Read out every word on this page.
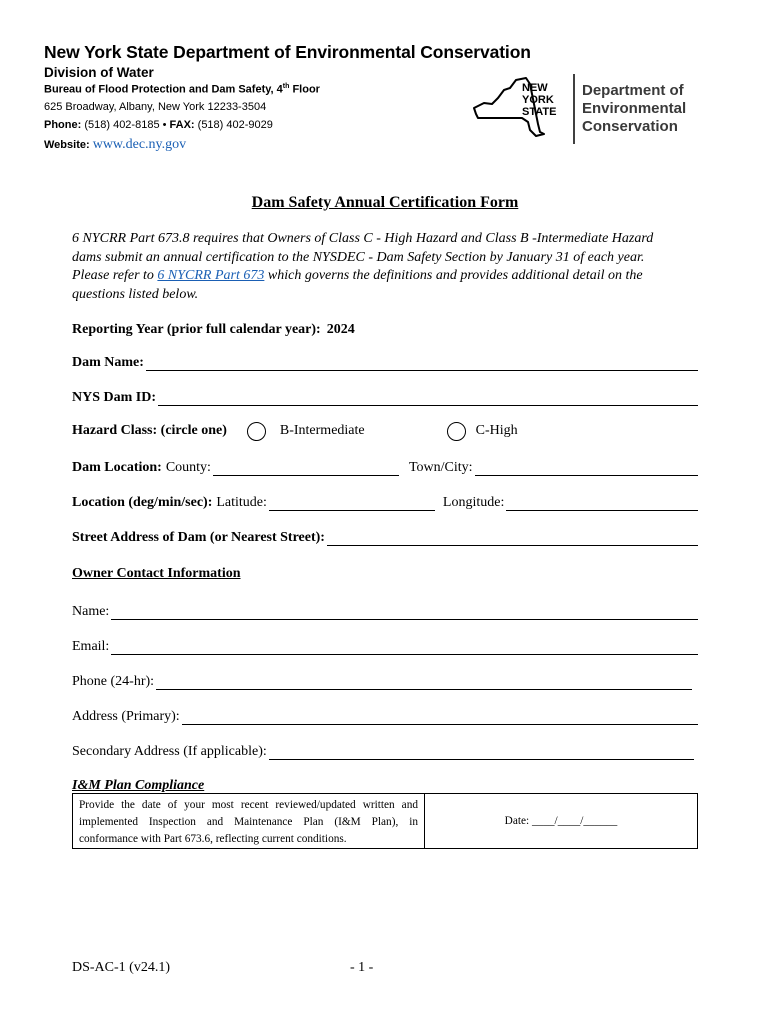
New York State Department of Environmental Conservation
Division of Water
Bureau of Flood Protection and Dam Safety, 4th Floor
625 Broadway, Albany, New York 12233-3504
Phone: (518) 402-8185 • FAX: (518) 402-9029
Website: www.dec.ny.gov
NEW
YORK
STATE
Department of
Environmental
Conservation
Dam Safety Annual Certification Form
6 NYCRR Part 673.8 requires that Owners of Class C - High Hazard and Class B -Intermediate Hazard dams submit an annual certification to the NYSDEC - Dam Safety Section by January 31 of each year. Please refer to 6 NYCRR Part 673 which governs the definitions and provides additional detail on the questions listed below.
Reporting Year (prior full calendar year): 2024
Dam Name:
NYS Dam ID:
Hazard Class: (circle one)	B-Intermediate	C-High
Dam Location: County:	Town/City:
Location (deg/min/sec): Latitude:	Longitude:
Street Address of Dam (or Nearest Street):
Owner Contact Information
Name:
Email:
Phone (24-hr):
Address (Primary):
Secondary Address (If applicable):
I&M Plan Compliance
Provide the date of your most recent reviewed/updated written and implemented Inspection and Maintenance Plan (I&M Plan), in conformance with Part 673.6, reflecting current conditions.
Date: ____/____/______
DS-AC-1 (v24.1)	- 1 -
